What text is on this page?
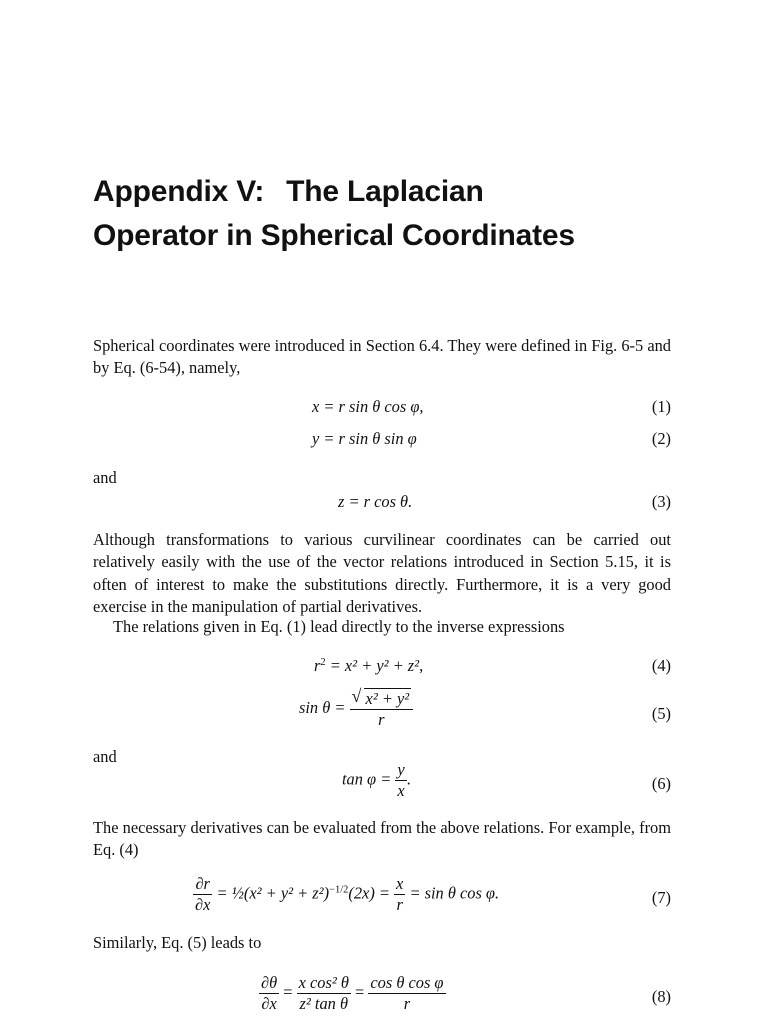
Appendix V: The Laplacian
Operator in Spherical Coordinates

Spherical coordinates were introduced in Section 6.4. They were defined in Fig. 6-5 and by Eq. (6-54), namely,

x = r sin θ cos φ,	(1)
y = r sin θ sin φ	(2)

and

z = r cos θ.	(3)

Although transformations to various curvilinear coordinates can be carried out relatively easily with the use of the vector relations introduced in Section 5.15, it is often of interest to make the substitutions directly. Furthermore, it is a very good exercise in the manipulation of partial derivatives.

The relations given in Eq. (1) lead directly to the inverse expressions

$r^2 = x^2 + y^2 + z^2$,	(4)
$\sin \theta = \frac{\text{√ x² + y²}}{r}$	(5)

and

$\tan \varphi = \frac{y}{x}$ .	(6)

The necessary derivatives can be evaluated from the above relations. For example, from Eq. (4)

$\frac{\partial r}{\partial x}$ = ½(x² + $y^2 + z^2)^{-1/2}(2x) = \frac{x}{r} = \sin \theta$ cos φ.	(7)

Similarly, Eq. (5) leads to

$\frac{\partial\theta}{\partial x} = \frac{\text{x cos² θ}}{\text{z² tan θ}} = \frac{\text{cos θ cos φ}}{r}$	(8)
